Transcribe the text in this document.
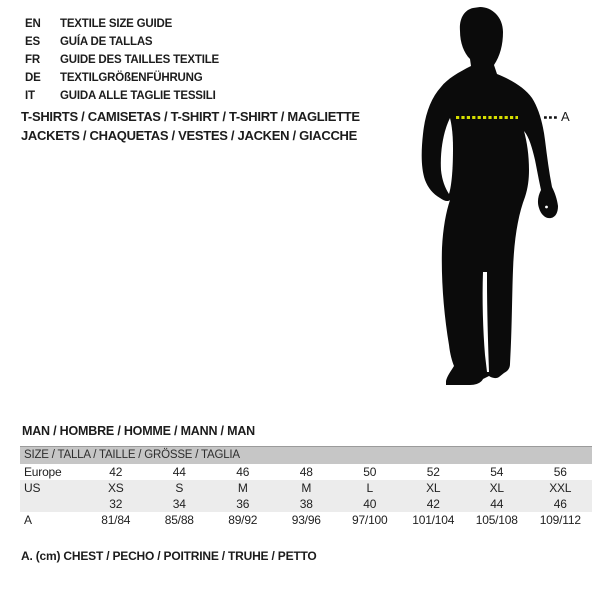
EN TEXTILE SIZE GUIDE
ES GUÍA DE TALLAS
FR GUIDE DES TAILLES TEXTILE
DE TEXTILGRÖßENFÜHRUNG
IT GUIDA ALLE TAGLIE TESSILI
T-SHIRTS / CAMISETAS / T-SHIRT / T-SHIRT / MAGLIETTE
JACKETS / CHAQUETAS / VESTES / JACKEN / GIACCHE
A
MAN / HOMBRE / HOMME / MANN / MAN
SIZE / TALLA / TAILLE / GRÖSSE / TAGLIA								
Europe	42	44	46	48	50	52	54	56
US	XS	S	M	M	L	XL	XL	XXL
	32	34	36	38	40	42	44	46
A	81/84	85/88	89/92	93/96	97/100	101/104	105/108	109/112
A. (cm) CHEST / PECHO / POITRINE / TRUHE / PETTO
